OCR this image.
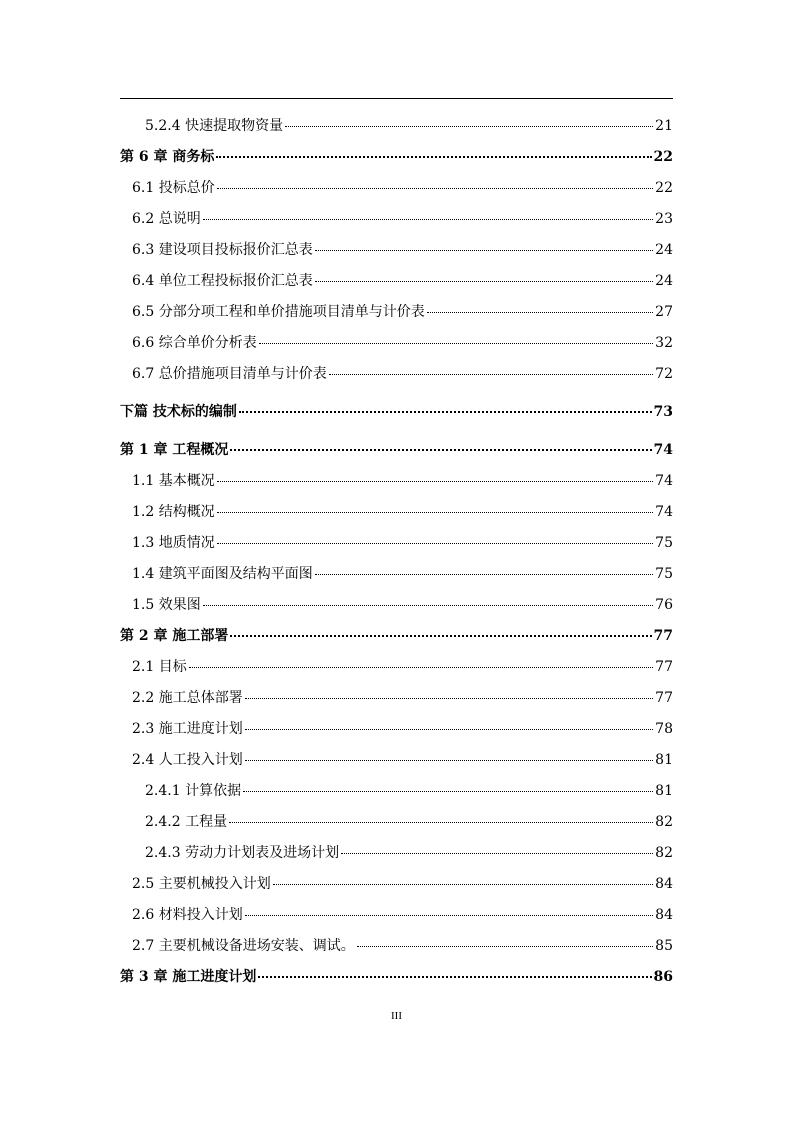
5.2.4 快速提取物资量	21
第 6 章 商务标	22
6.1 投标总价	22
6.2 总说明	23
6.3 建设项目投标报价汇总表	24
6.4 单位工程投标报价汇总表	24
6.5 分部分项工程和单价措施项目清单与计价表	27
6.6 综合单价分析表	32
6.7 总价措施项目清单与计价表	72
下篇 技术标的编制	73
第 1 章 工程概况	74
1.1 基本概况	74
1.2 结构概况	74
1.3 地质情况	75
1.4 建筑平面图及结构平面图	75
1.5 效果图	76
第 2 章 施工部署	77
2.1 目标	77
2.2 施工总体部署	77
2.3 施工进度计划	78
2.4 人工投入计划	81
2.4.1 计算依据	81
2.4.2 工程量	82
2.4.3 劳动力计划表及进场计划	82
2.5 主要机械投入计划	84
2.6 材料投入计划	84
2.7 主要机械设备进场安装、调试。	85
第 3 章 施工进度计划	86
III
